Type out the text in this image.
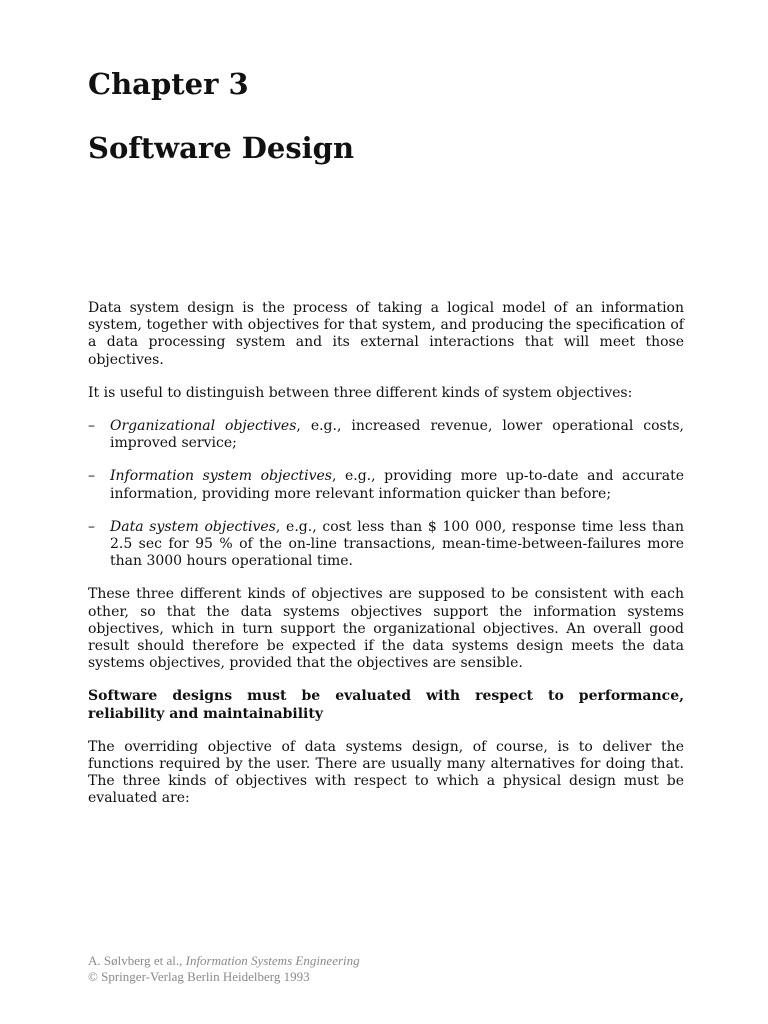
Chapter 3
Software Design

Data system design is the process of taking a logical model of an information system, together with objectives for that system, and producing the specification of a data processing system and its external interactions that will meet those objectives.

It is useful to distinguish between three different kinds of system objectives:

– Organizational objectives, e.g., increased revenue, lower operational costs, improved service;
– Information system objectives, e.g., providing more up-to-date and accurate information, providing more relevant information quicker than before;
– Data system objectives, e.g., cost less than $ 100 000, response time less than 2.5 sec for 95 % of the on-line transactions, mean-time-between-failures more than 3000 hours operational time.

These three different kinds of objectives are supposed to be consistent with each other, so that the data systems objectives support the information systems objectives, which in turn support the organizational objectives. An overall good result should therefore be expected if the data systems design meets the data systems objectives, provided that the objectives are sensible.

Software designs must be evaluated with respect to performance, reliability and maintainability

The overriding objective of data systems design, of course, is to deliver the functions required by the user. There are usually many alternatives for doing that. The three kinds of objectives with respect to which a physical design must be evaluated are:

A. Sølvberg et al., Information Systems Engineering
© Springer-Verlag Berlin Heidelberg 1993
